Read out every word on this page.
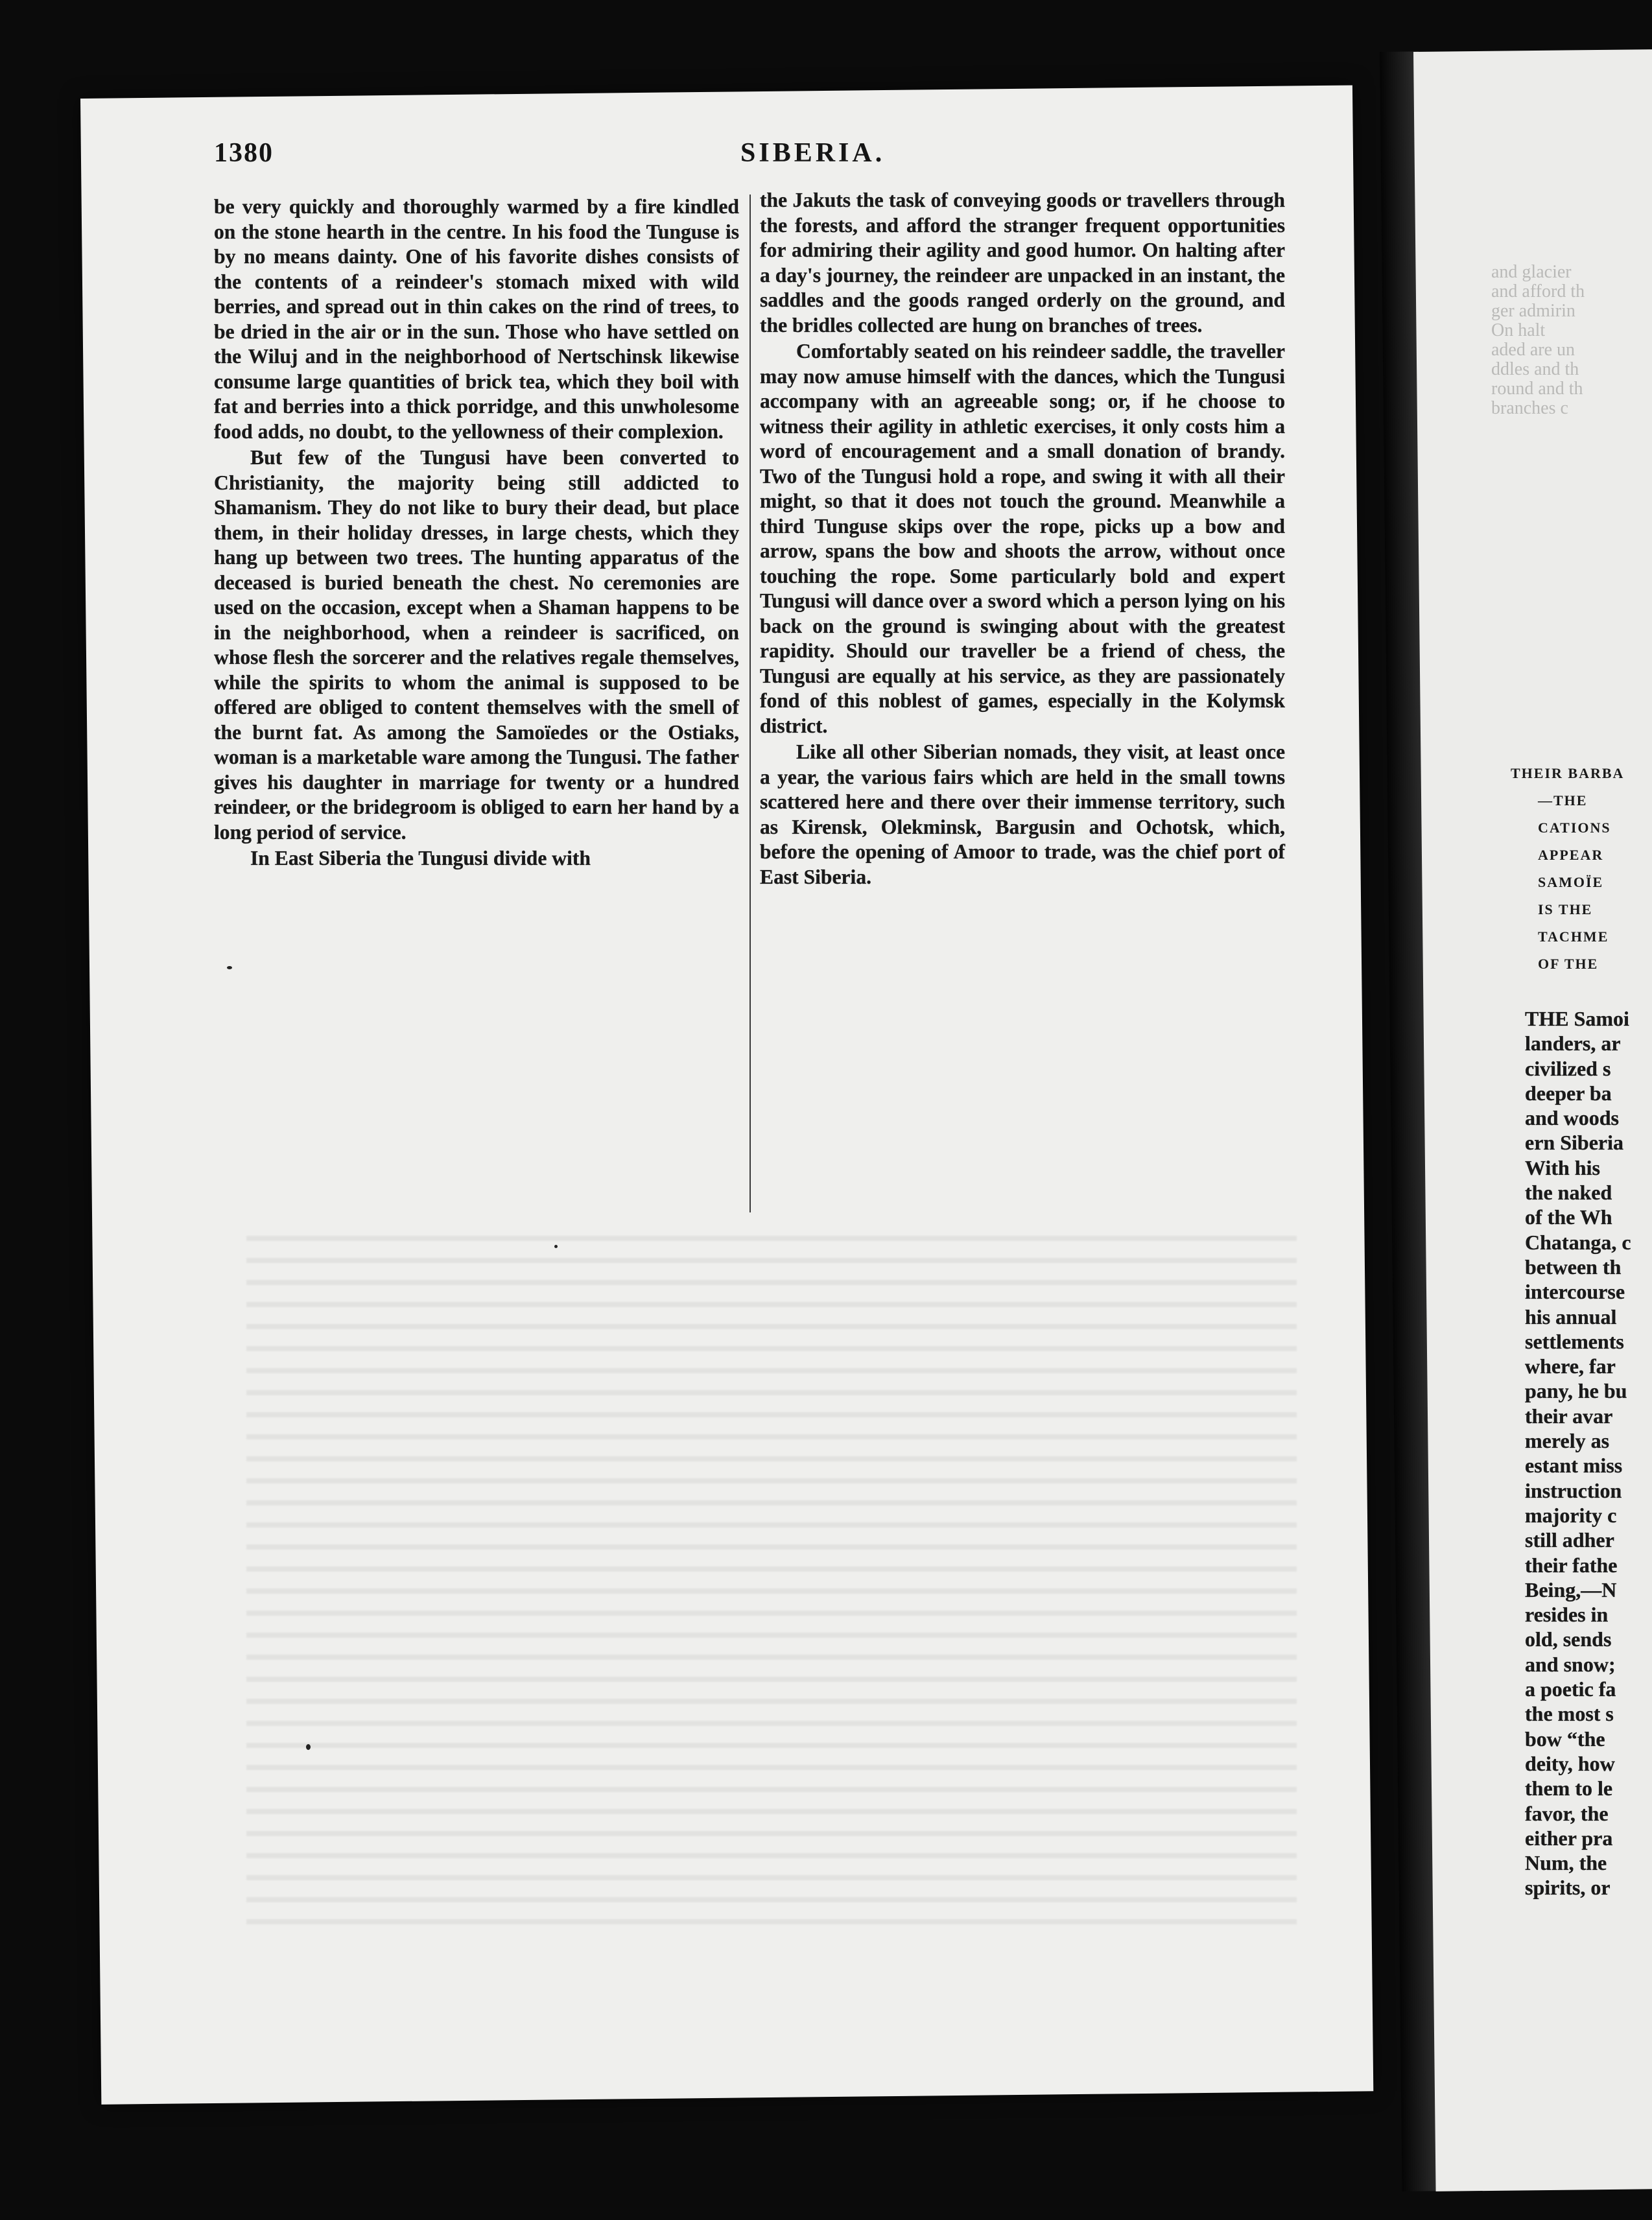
1380	SIBERIA.

be very quickly and thoroughly warmed by a fire kindled on the stone hearth in the centre. In his food the Tunguse is by no means dainty. One of his favorite dishes consists of the contents of a reindeer's stomach mixed with wild berries, and spread out in thin cakes on the rind of trees, to be dried in the air or in the sun. Those who have settled on the Wiluj and in the neighborhood of Nertschinsk likewise consume large quantities of brick tea, which they boil with fat and berries into a thick porridge, and this unwholesome food adds, no doubt, to the yellowness of their complexion.

But few of the Tungusi have been converted to Christianity, the majority being still addicted to Shamanism. They do not like to bury their dead, but place them, in their holiday dresses, in large chests, which they hang up between two trees. The hunting apparatus of the deceased is buried beneath the chest. No ceremonies are used on the occasion, except when a Shaman happens to be in the neighborhood, when a reindeer is sacrificed, on whose flesh the sorcerer and the relatives regale themselves, while the spirits to whom the animal is supposed to be offered are obliged to content themselves with the smell of the burnt fat. As among the Samoïedes or the Ostiaks, woman is a marketable ware among the Tungusi. The father gives his daughter in marriage for twenty or a hundred reindeer, or the bridegroom is obliged to earn her hand by a long period of service.

In East Siberia the Tungusi divide with

the Jakuts the task of conveying goods or travellers through the forests, and afford the stranger frequent opportunities for admiring their agility and good humor. On halting after a day's journey, the reindeer are unpacked in an instant, the saddles and the goods ranged orderly on the ground, and the bridles collected are hung on branches of trees.

Comfortably seated on his reindeer saddle, the traveller may now amuse himself with the dances, which the Tungusi accompany with an agreeable song; or, if he choose to witness their agility in athletic exercises, it only costs him a word of encouragement and a small donation of brandy. Two of the Tungusi hold a rope, and swing it with all their might, so that it does not touch the ground. Meanwhile a third Tunguse skips over the rope, picks up a bow and arrow, spans the bow and shoots the arrow, without once touching the rope. Some particularly bold and expert Tungusi will dance over a sword which a person lying on his back on the ground is swinging about with the greatest rapidity. Should our traveller be a friend of chess, the Tungusi are equally at his service, as they are passionately fond of this noblest of games, especially in the Kolymsk district.

Like all other Siberian nomads, they visit, at least once a year, the various fairs which are held in the small towns scattered here and there over their immense territory, such as Kirensk, Olekminsk, Bargusin and Ochotsk, which, before the opening of Amoor to trade, was the chief port of East Siberia.

and glacier
and afford th
ger admirin
On halt
aded are un
ddles and th
round and th
branches c
THEIR BARBA
—THE
CATIONS
APPEAR
SAMOÏE
IS THE
TACHME
OF THE
THE Samoi
landers, ar
civilized s
deeper ba
and woods
ern Siberia
With his
the naked
of the Wh
Chatanga, c
between th
intercourse
his annual
settlements
where, far
pany, he bu
their avar
merely as
estant miss
instruction
majority c
still adher
their fathe
Being,—N
resides in
old, sends
and snow;
a poetic fa
the most s
bow “the
deity, how
them to le
favor, the
either pra
Num, the
spirits, or
